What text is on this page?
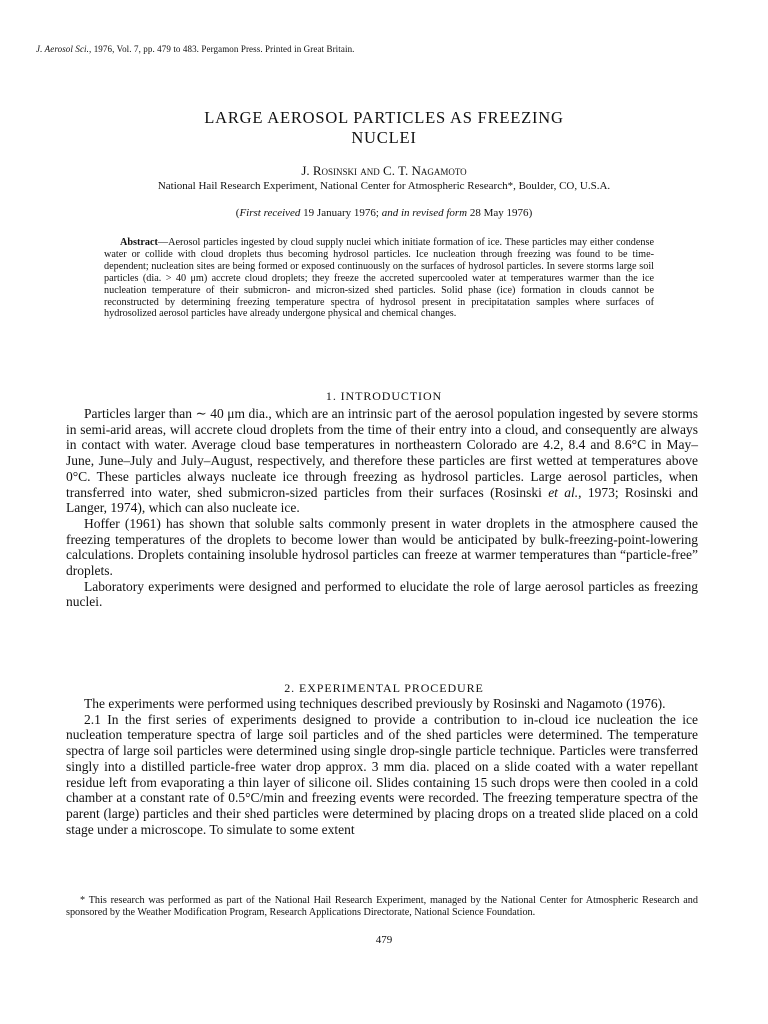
J. Aerosol Sci., 1976, Vol. 7, pp. 479 to 483. Pergamon Press. Printed in Great Britain.
LARGE AEROSOL PARTICLES AS FREEZING
NUCLEI
J. Rosinski and C. T. Nagamoto
National Hail Research Experiment, National Center for Atmospheric Research*, Boulder, CO, U.S.A.
(First received 19 January 1976; and in revised form 28 May 1976)
Abstract—Aerosol particles ingested by cloud supply nuclei which initiate formation of ice. These particles may either condense water or collide with cloud droplets thus becoming hydrosol particles. Ice nucleation through freezing was found to be time-dependent; nucleation sites are being formed or exposed continuously on the surfaces of hydrosol particles. In severe storms large soil particles (dia. > 40 μm) accrete cloud droplets; they freeze the accreted supercooled water at temperatures warmer than the ice nucleation temperature of their submicron- and micron-sized shed particles. Solid phase (ice) formation in clouds cannot be reconstructed by determining freezing temperature spectra of hydrosol present in precipitatation samples where surfaces of hydrosolized aerosol particles have already undergone physical and chemical changes.
1. INTRODUCTION

Particles larger than ∼ 40 μm dia., which are an intrinsic part of the aerosol population ingested by severe storms in semi-arid areas, will accrete cloud droplets from the time of their entry into a cloud, and consequently are always in contact with water. Average cloud base temperatures in northeastern Colorado are 4.2, 8.4 and 8.6°C in May–June, June–July and July–August, respectively, and therefore these particles are first wetted at temperatures above 0°C. These particles always nucleate ice through freezing as hydrosol particles. Large aerosol particles, when transferred into water, shed submicron-sized particles from their surfaces (Rosinski et al., 1973; Rosinski and Langer, 1974), which can also nucleate ice.

Hoffer (1961) has shown that soluble salts commonly present in water droplets in the atmosphere caused the freezing temperatures of the droplets to become lower than would be anticipated by bulk-freezing-point-lowering calculations. Droplets containing insoluble hydrosol particles can freeze at warmer temperatures than “particle-free” droplets.

Laboratory experiments were designed and performed to elucidate the role of large aerosol particles as freezing nuclei.

2. EXPERIMENTAL PROCEDURE

The experiments were performed using techniques described previously by Rosinski and Nagamoto (1976).

2.1 In the first series of experiments designed to provide a contribution to in-cloud ice nucleation the ice nucleation temperature spectra of large soil particles and of the shed particles were determined. The temperature spectra of large soil particles were determined using single drop-single particle technique. Particles were transferred singly into a distilled particle-free water drop approx. 3 mm dia. placed on a slide coated with a water repellant residue left from evaporating a thin layer of silicone oil. Slides containing 15 such drops were then cooled in a cold chamber at a constant rate of 0.5°C/min and freezing events were recorded. The freezing temperature spectra of the parent (large) particles and their shed particles were determined by placing drops on a treated slide placed on a cold stage under a microscope. To simulate to some extent

* This research was performed as part of the National Hail Research Experiment, managed by the National Center for Atmospheric Research and sponsored by the Weather Modification Program, Research Applications Directorate, National Science Foundation.
479
